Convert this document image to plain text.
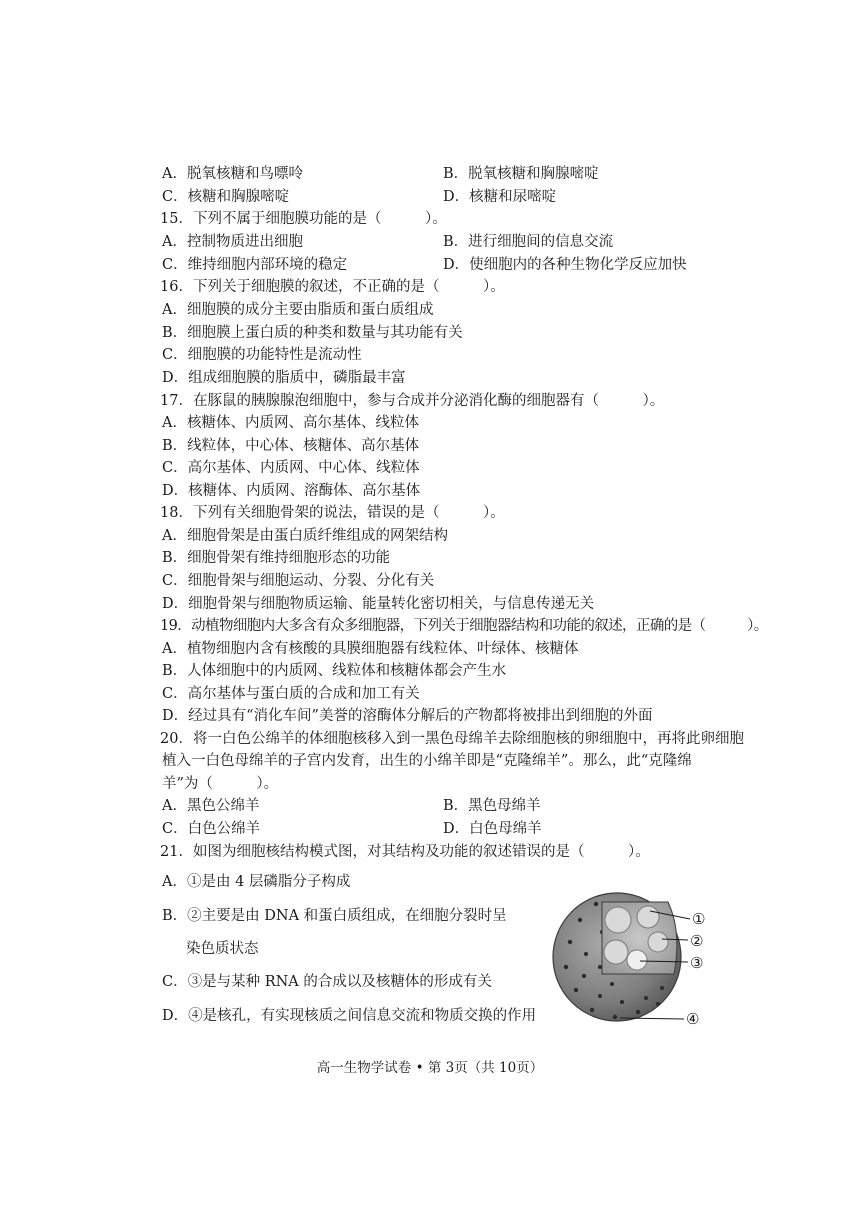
A．脱氧核糖和鸟嘌呤	B．脱氧核糖和胸腺嘧啶
C．核糖和胸腺嘧啶	D．核糖和尿嘧啶
15．下列不属于细胞膜功能的是（　　　）。
A．控制物质进出细胞	B．进行细胞间的信息交流
C．维持细胞内部环境的稳定	D．使细胞内的各种生物化学反应加快
16．下列关于细胞膜的叙述，不正确的是（　　　）。
A．细胞膜的成分主要由脂质和蛋白质组成
B．细胞膜上蛋白质的种类和数量与其功能有关
C．细胞膜的功能特性是流动性
D．组成细胞膜的脂质中，磷脂最丰富
17．在豚鼠的胰腺腺泡细胞中，参与合成并分泌消化酶的细胞器有（　　　）。
A．核糖体、内质网、高尔基体、线粒体
B．线粒体，中心体、核糖体、高尔基体
C．高尔基体、内质网、中心体、线粒体
D．核糖体、内质网、溶酶体、高尔基体
18．下列有关细胞骨架的说法，错误的是（　　　）。
A．细胞骨架是由蛋白质纤维组成的网架结构
B．细胞骨架有维持细胞形态的功能
C．细胞骨架与细胞运动、分裂、分化有关
D．细胞骨架与细胞物质运输、能量转化密切相关，与信息传递无关
19．动植物细胞内大多含有众多细胞器，下列关于细胞器结构和功能的叙述，正确的是（　　　）。
A．植物细胞内含有核酸的具膜细胞器有线粒体、叶绿体、核糖体
B．人体细胞中的内质网、线粒体和核糖体都会产生水
C．高尔基体与蛋白质的合成和加工有关
D．经过具有“消化车间”美誉的溶酶体分解后的产物都将被排出到细胞的外面
20．将一白色公绵羊的体细胞核移入到一黑色母绵羊去除细胞核的卵细胞中，再将此卵细胞
植入一白色母绵羊的子宫内发育，出生的小绵羊即是“克隆绵羊”。那么，此“克隆绵
羊”为（　　　）。
A．黑色公绵羊	B．黑色母绵羊
C．白色公绵羊	D．白色母绵羊
21．如图为细胞核结构模式图，对其结构及功能的叙述错误的是（　　　）。
A．①是由 4 层磷脂分子构成
B．②主要是由 DNA 和蛋白质组成，在细胞分裂时呈
染色质状态
C．③是与某种 RNA 的合成以及核糖体的形成有关
D．④是核孔，有实现核质之间信息交流和物质交换的作用
①
②
③
④
高一生物学试卷 • 第 3页（共 10页）
